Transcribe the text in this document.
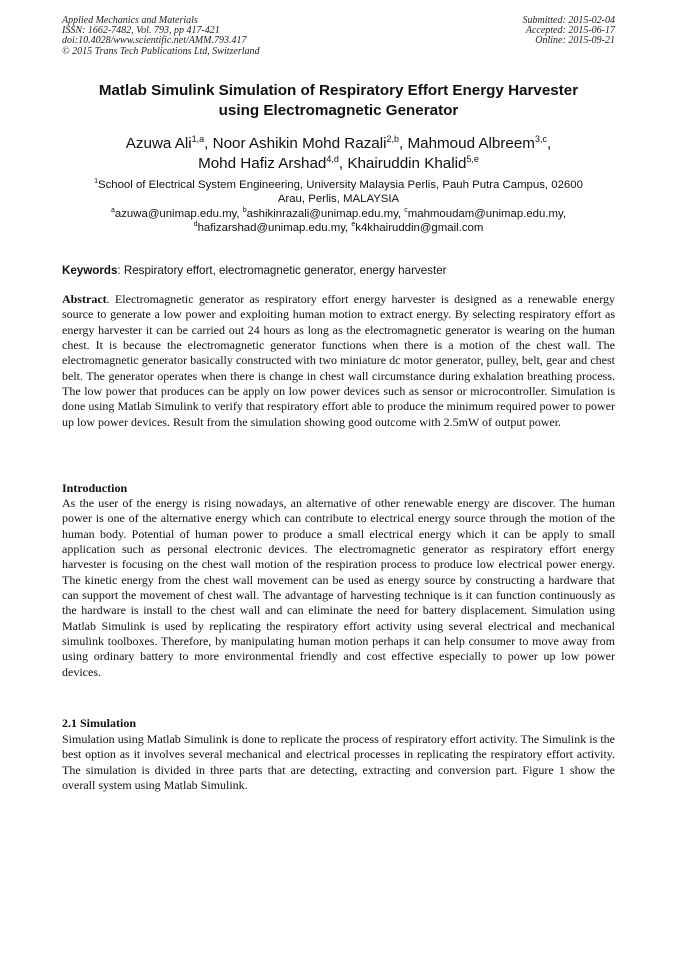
Applied Mechanics and Materials
ISSN: 1662-7482, Vol. 793, pp 417-421
doi:10.4028/www.scientific.net/AMM.793.417
© 2015 Trans Tech Publications Ltd, Switzerland
Submitted: 2015-02-04
Accepted: 2015-06-17
Online: 2015-09-21
Matlab Simulink Simulation of Respiratory Effort Energy Harvester
using Electromagnetic Generator
Azuwa Ali$^{1,a}$, Noor Ashikin Mohd Razali$^{2,b}$, Mahmoud Albreem$^{3,c}$,
Mohd Hafiz Arshad$^{4,d}$, Khairuddin Khalid$^{5,e}$
$^1$School of Electrical System Engineering, University Malaysia Perlis, Pauh Putra Campus, 02600
Arau, Perlis, MALAYSIA
$^a$azuwa@unimap.edu.my, $^b$ashikinrazali@unimap.edu.my, $^c$mahmoudam@unimap.edu.my,
$^d$hafizarshad@unimap.edu.my, $^e$k4khairuddin@gmail.com
Keywords: Respiratory effort, electromagnetic generator, energy harvester
Abstract. Electromagnetic generator as respiratory effort energy harvester is designed as a renewable energy source to generate a low power and exploiting human motion to extract energy. By selecting respiratory effort as energy harvester it can be carried out 24 hours as long as the electromagnetic generator is wearing on the human chest. It is because the electromagnetic generator functions when there is a motion of the chest wall. The electromagnetic generator basically constructed with two miniature dc motor generator, pulley, belt, gear and chest belt. The generator operates when there is change in chest wall circumstance during exhalation breathing process. The low power that produces can be apply on low power devices such as sensor or microcontroller. Simulation is done using Matlab Simulink to verify that respiratory effort able to produce the minimum required power to power up low power devices. Result from the simulation showing good outcome with 2.5mW of output power.
Introduction
As the user of the energy is rising nowadays, an alternative of other renewable energy are discover. The human power is one of the alternative energy which can contribute to electrical energy source through the motion of the human body. Potential of human power to produce a small electrical energy which it can be apply to small application such as personal electronic devices. The electromagnetic generator as respiratory effort energy harvester is focusing on the chest wall motion of the respiration process to produce low electrical power energy. The kinetic energy from the chest wall movement can be used as energy source by constructing a hardware that can support the movement of chest wall. The advantage of harvesting technique is it can function continuously as the hardware is install to the chest wall and can eliminate the need for battery displacement. Simulation using Matlab Simulink is used by replicating the respiratory effort activity using several electrical and mechanical simulink toolboxes. Therefore, by manipulating human motion perhaps it can help consumer to move away from using ordinary battery to more environmental friendly and cost effective especially to power up low power devices.
2.1 Simulation
Simulation using Matlab Simulink is done to replicate the process of respiratory effort activity. The Simulink is the best option as it involves several mechanical and electrical processes in replicating the respiratory effort activity. The simulation is divided in three parts that are detecting, extracting and conversion part. Figure 1 show the overall system using Matlab Simulink.
